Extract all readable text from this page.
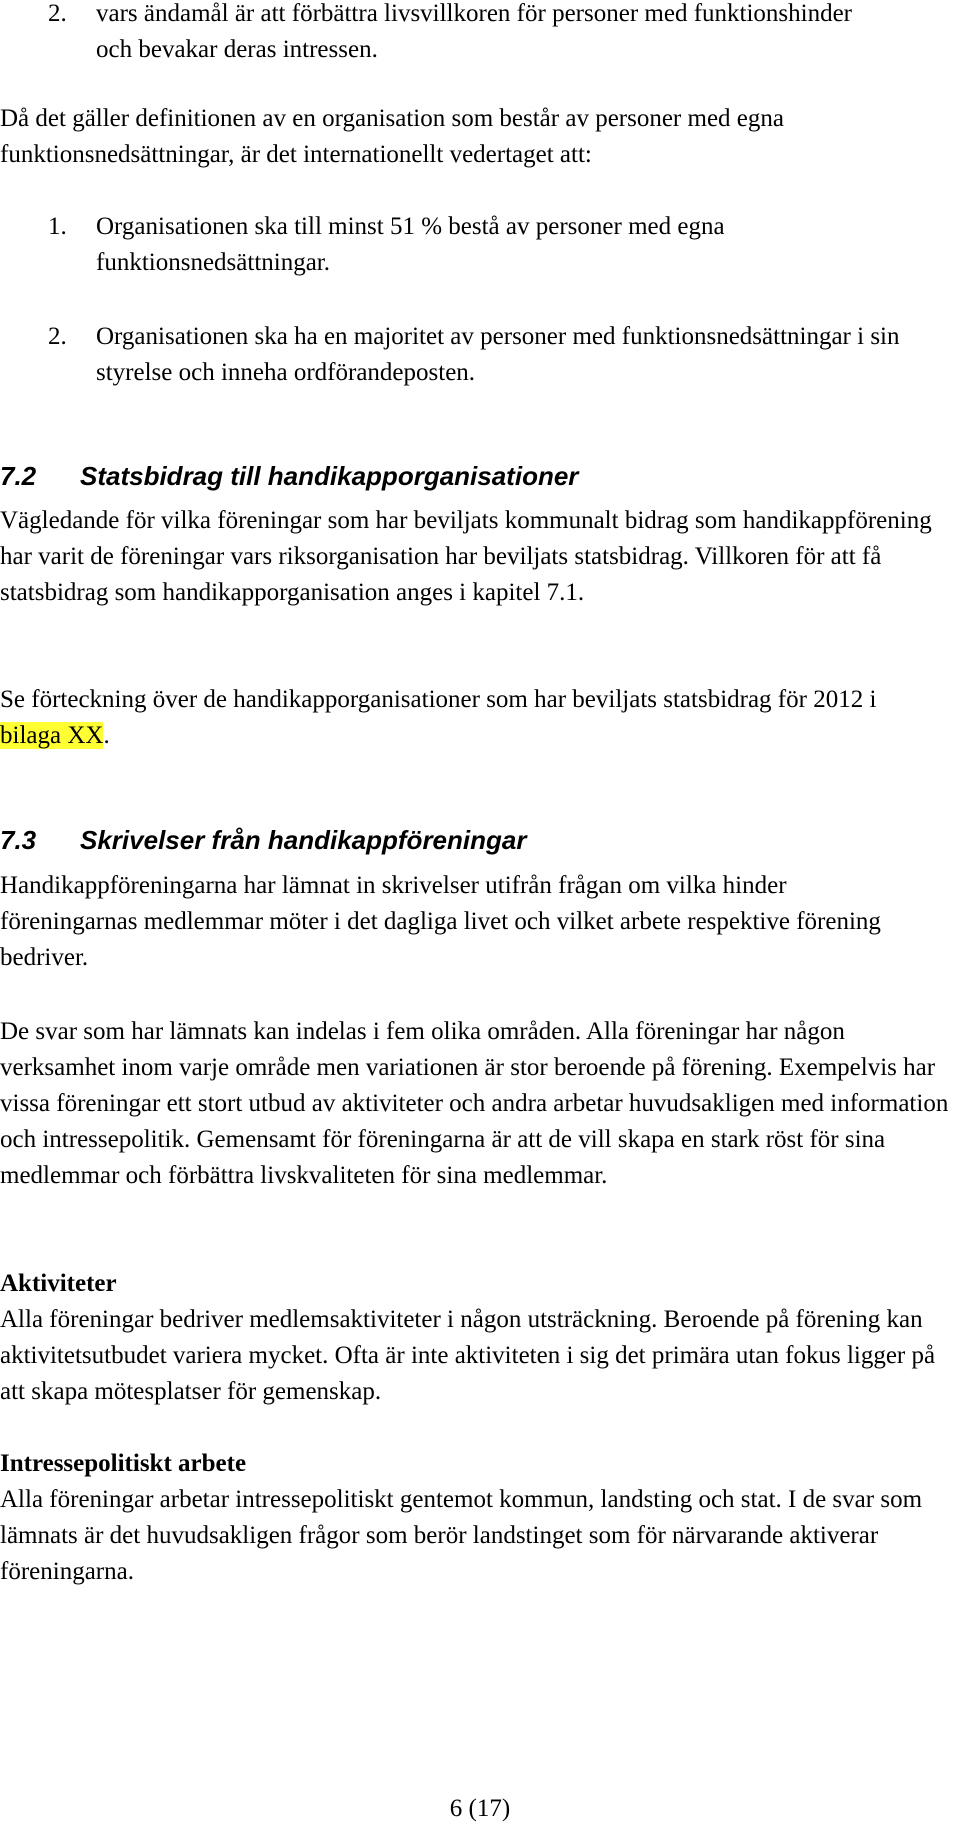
2.	vars ändamål är att förbättra livsvillkoren för personer med funktionshinder och bevakar deras intressen.

Då det gäller definitionen av en organisation som består av personer med egna funktionsnedsättningar, är det internationellt vedertaget att:

1.	Organisationen ska till minst 51 % bestå av personer med egna funktionsnedsättningar.

2.	Organisationen ska ha en majoritet av personer med funktionsnedsättningar i sin styrelse och inneha ordförandeposten.

7.2 Statsbidrag till handikapporganisationer

Vägledande för vilka föreningar som har beviljats kommunalt bidrag som handikappförening har varit de föreningar vars riksorganisation har beviljats statsbidrag. Villkoren för att få statsbidrag som handikapporganisation anges i kapitel 7.1.

Se förteckning över de handikapporganisationer som har beviljats statsbidrag för 2012 i bilaga XX.

7.3 Skrivelser från handikappföreningar

Handikappföreningarna har lämnat in skrivelser utifrån frågan om vilka hinder föreningarnas medlemmar möter i det dagliga livet och vilket arbete respektive förening bedriver.

De svar som har lämnats kan indelas i fem olika områden. Alla föreningar har någon verksamhet inom varje område men variationen är stor beroende på förening. Exempelvis har vissa föreningar ett stort utbud av aktiviteter och andra arbetar huvudsakligen med information och intressepolitik. Gemensamt för föreningarna är att de vill skapa en stark röst för sina medlemmar och förbättra livskvaliteten för sina medlemmar.

Aktiviteter

Alla föreningar bedriver medlemsaktiviteter i någon utsträckning. Beroende på förening kan aktivitetsutbudet variera mycket. Ofta är inte aktiviteten i sig det primära utan fokus ligger på att skapa mötesplatser för gemenskap.

Intressepolitiskt arbete

Alla föreningar arbetar intressepolitiskt gentemot kommun, landsting och stat. I de svar som lämnats är det huvudsakligen frågor som berör landstinget som för närvarande aktiverar föreningarna.

6 (17)
